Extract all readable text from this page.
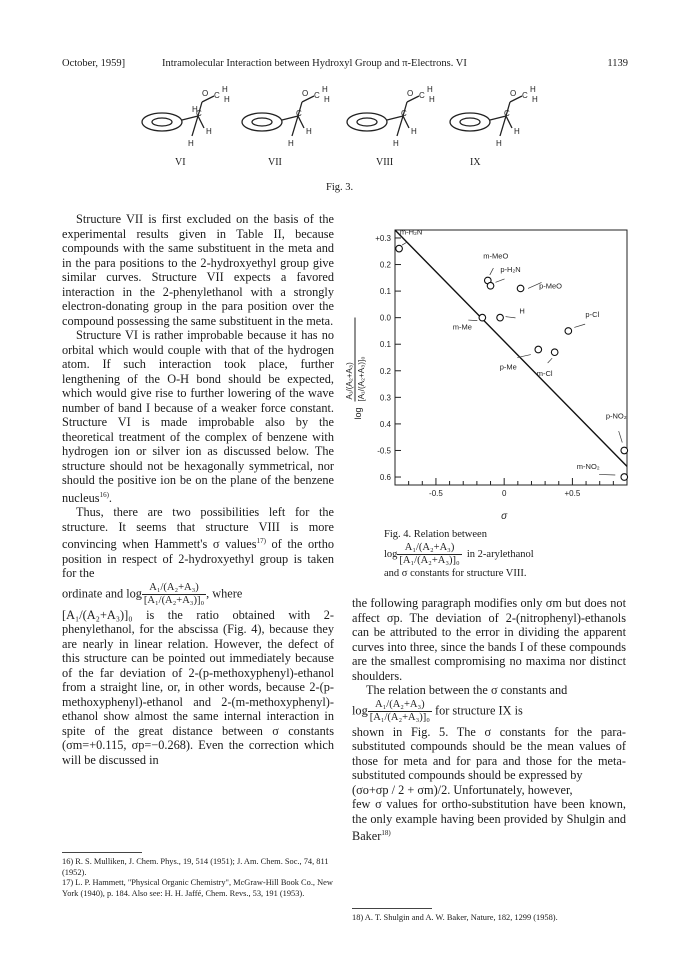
October, 1959]	Intramolecular Interaction between Hydroxyl Group and π-Electrons. VI	1139
O C
H
H
H
C
H
H
O C
H
H
C
H
H
O C
H
H
C
H
H
O C
H
H
C
H
H
VI	VII	VIII	IX
Fig. 3.

Structure VII is first excluded on the basis of the experimental results given in Table II, because compounds with the same substituent in the meta and in the para positions to the 2-hydroxyethyl group give similar curves. Structure VII expects a favored interaction in the 2-phenylethanol with a strongly electron-donating group in the para position over the compound possessing the same substituent in the meta.

Structure VI is rather improbable because it has no orbital which would couple with that of the hydrogen atom. If such interaction took place, further lengthening of the O-H bond should be expected, which would give rise to further lowering of the wave number of band I because of a weaker force constant. Structure VI is made improbable also by the theoretical treatment of the complex of benzene with hydrogen ion or silver ion as discussed below. The structure should not be hexagonally symmetrical, nor should the positive ion be on the plane of the benzene nucleus$^{16)}$.

Thus, there are two possibilities left for the structure. It seems that structure VIII is more convincing when Hammett's σ values$^{17)}$ of the ortho position in respect of 2-hydroxyethyl group is taken for the

ordinate and $\log \frac{\text{A₁/(A₂+A₃)}}{\text{[A₁/(A₂+A₃)]₀}}$ , where

[A₁/(A₂+A₃)]₀ is the ratio obtained with 2-phenylethanol, for the abscissa (Fig. 4), because they are nearly in linear relation. However, the defect of this structure can be pointed out immediately because of the far deviation of 2-(p-methoxyphenyl)-ethanol from a straight line, or, in other words, because 2-(p-methoxyphenyl)-ethanol and 2-(m-methoxyphenyl)-ethanol show almost the same internal interaction in spite of the great distance between σ constants (σm=+0.115, σp=−0.268). Even the correction which will be discussed in

16) R. S. Mulliken, J. Chem. Phys., 19, 514 (1951); J. Am. Chem. Soc., 74, 811 (1952).
17) L. P. Hammett, "Physical Organic Chemistry", McGraw-Hill Book Co., New York (1940), p. 184. Also see: H. H. Jaffé, Chem. Revs., 53, 191 (1953).
+0.3
0.2
0.1
0.0
0.1
0.2
0.3
0.4
-0.5
0.6
-0.5	0	+0.5
σ
log
A₁/(A₂+A₃) [A₁/(A₂+A₃)]₀
m-H₂N
m-MeO
p-H₂N
p-MeO
H
m-Me
p-Cl
p-Me
m-Cl
p-NO₂
m-NO₂
Fig. 4. Relation between
$\log \frac{\text{A₁/(A₂+A₃)}}{\text{[A₁/(A₂+A₃)]₀}}$ in 2-arylethanol
and σ constants for structure VIII.

the following paragraph modifies only σm but does not affect σp. The deviation of 2-(nitrophenyl)-ethanols can be attributed to the error in dividing the apparent curves into three, since the bands I of these compounds are the smallest compromising no maxima nor distinct shoulders.

The relation between the σ constants and

$\log \frac{\text{A₁/(A₂+A₃)}}{\text{[A₁/(A₂+A₃)]₀}}$ for structure IX is

shown in Fig. 5. The σ constants for the para-substituted compounds should be the mean values of those for meta and for para and those for the meta-substituted compounds should be expressed by

(σo+σp / 2 + σm)/2. Unfortunately, however,

few σ values for ortho-substitution have been known, the only example having been provided by Shulgin and Baker$^{18)}$

18) A. T. Shulgin and A. W. Baker, Nature, 182, 1299 (1958).
